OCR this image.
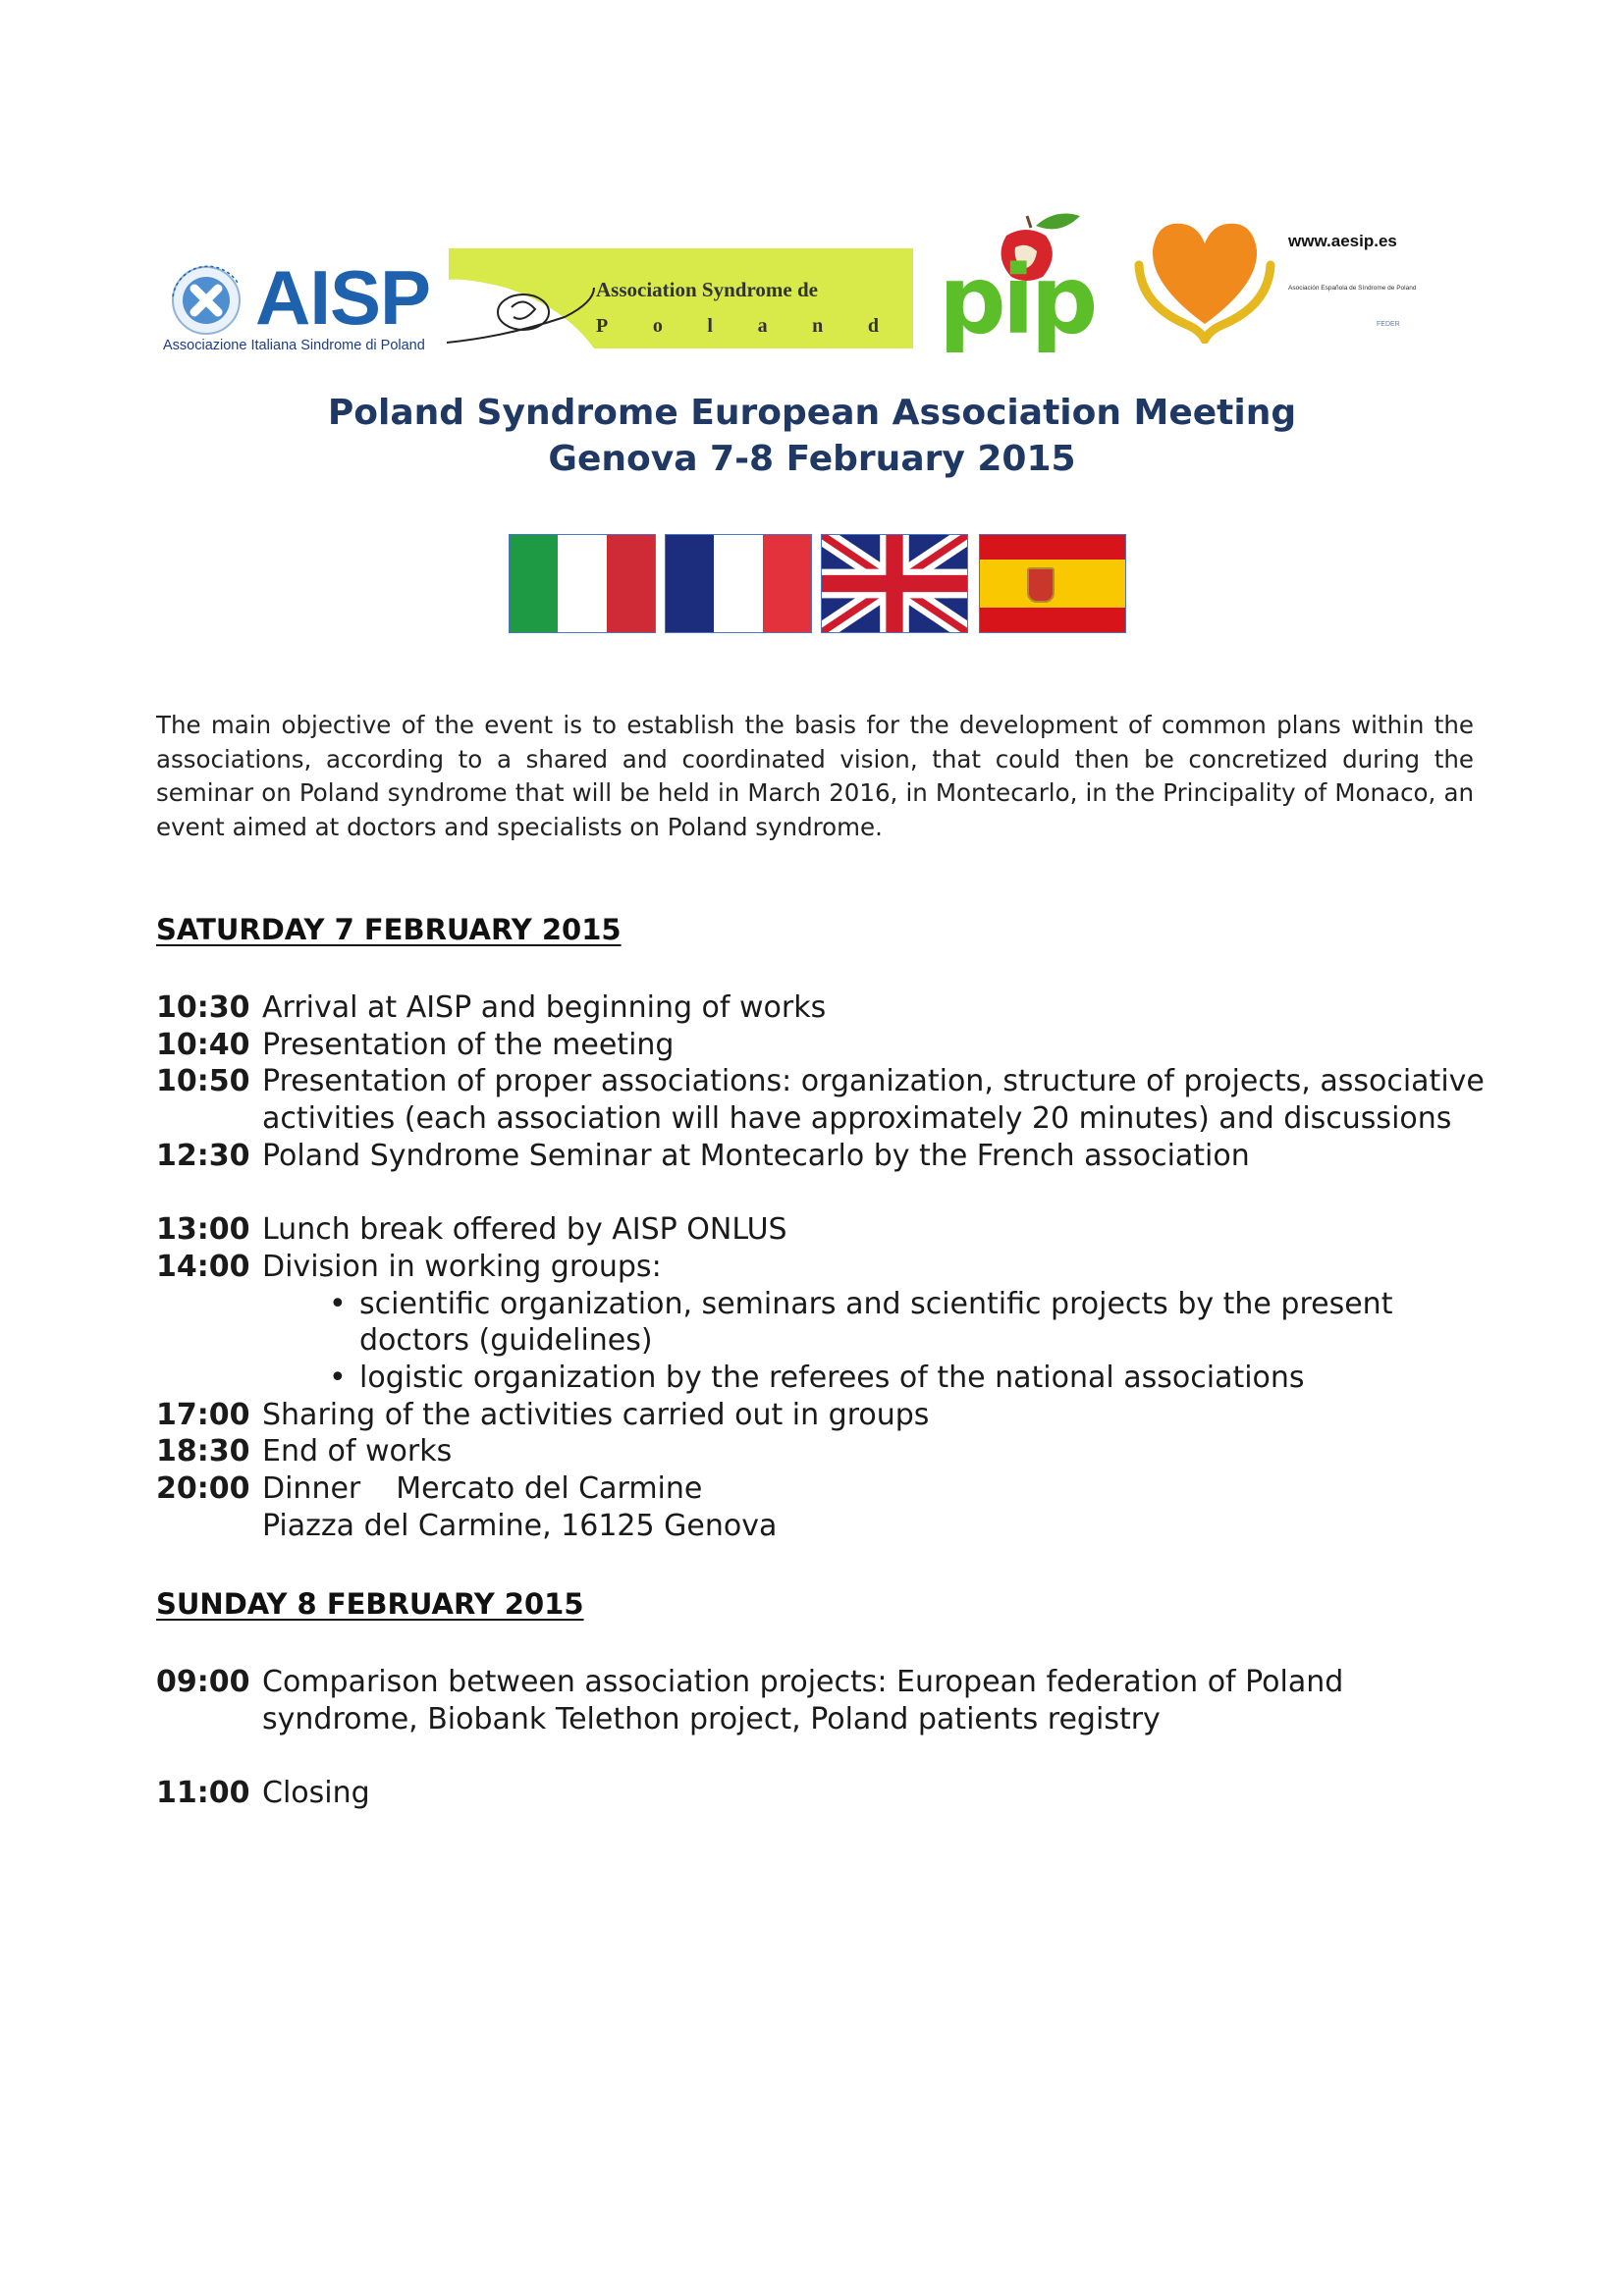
AISP
Associazione Italiana Sindrome di Poland
Association Syndrome de
P o l a n d pip
www.aesip.es
Asociación Española de Síndrome de Poland
FEDER
Poland Syndrome European Association Meeting
Genova 7-8 February 2015
The main objective of the event is to establish the basis for the development of common plans within the associations, according to a shared and coordinated vision, that could then be concretized during the seminar on Poland syndrome that will be held in March 2016, in Montecarlo, in the Principality of Monaco, an event aimed at doctors and specialists on Poland syndrome.
SATURDAY 7 FEBRUARY 2015
10:30 Arrival at AISP and beginning of works
10:40 Presentation of the meeting
10:50 Presentation of proper associations: organization, structure of projects, associative activities (each association will have approximately 20 minutes) and discussions
12:30 Poland Syndrome Seminar at Montecarlo by the French association
13:00 Lunch break offered by AISP ONLUS
14:00 Division in working groups:
• scientific organization, seminars and scientific projects by the present doctors (guidelines)
• logistic organization by the referees of the national associations
17:00 Sharing of the activities carried out in groups
18:30 End of works
20:00 Dinner Mercato del Carmine
Piazza del Carmine, 16125 Genova
SUNDAY 8 FEBRUARY 2015
09:00 Comparison between association projects: European federation of Poland syndrome, Biobank Telethon project, Poland patients registry
11:00 Closing
